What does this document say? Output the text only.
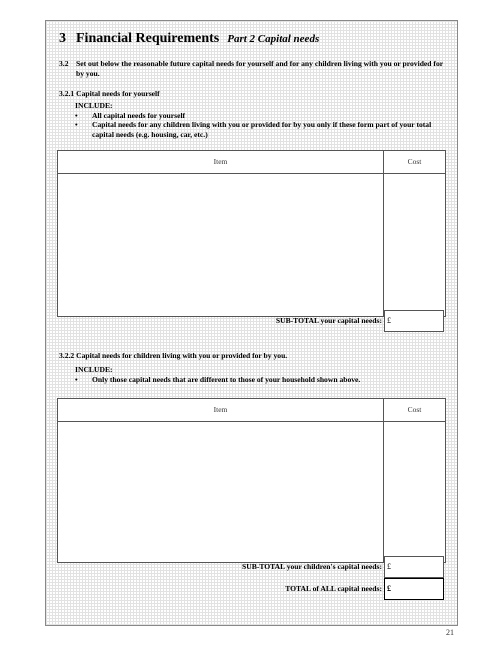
3 Financial Requirements Part 2 Capital needs
3.2 Set out below the reasonable future capital needs for yourself and for any children living with you or provided for by you.
3.2.1 Capital needs for yourself
INCLUDE:
• All capital needs for yourself
• Capital needs for any children living with you or provided for by you only if these form part of your total capital needs (e.g. housing, car, etc.)
Item	Cost
SUB-TOTAL your capital needs: £
3.2.2 Capital needs for children living with you or provided for by you.
INCLUDE:
• Only those capital needs that are different to those of your household shown above.
Item	Cost
SUB-TOTAL your children's capital needs: £
TOTAL of ALL capital needs: £
21
